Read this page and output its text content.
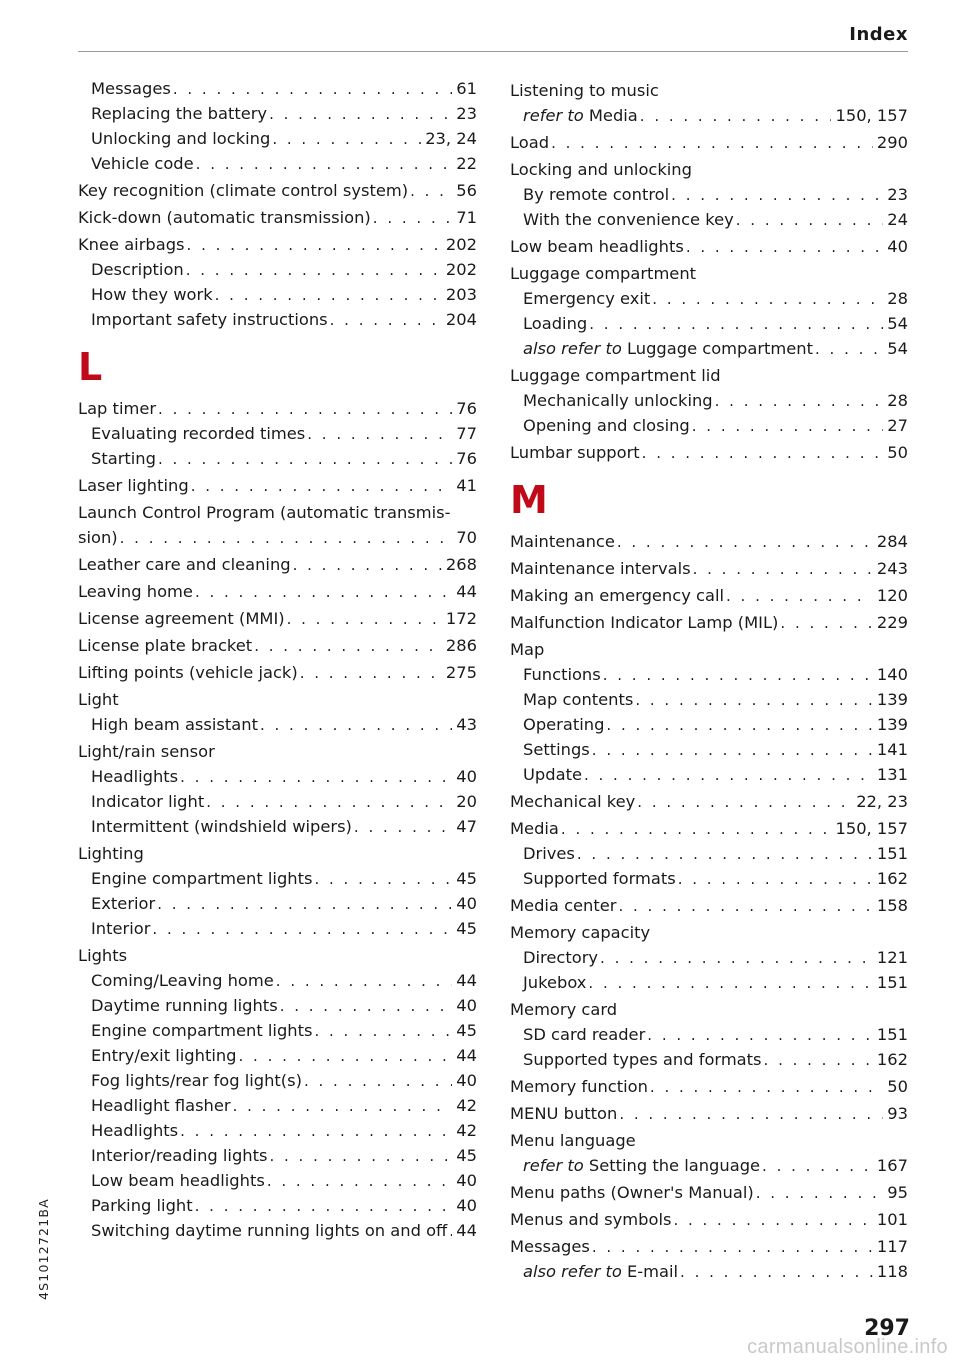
Index
Messages . . .	61
Replacing the battery . . .	23
Unlocking and locking . . .	23, 24
Vehicle code . . .	22
Key recognition (climate control system) . . .	56
Kick-down (automatic transmission) . . .	71
Knee airbags . . .	202
Description . . .	202
How they work . . .	203
Important safety instructions . . .	204
L
Lap timer . . .	76
Evaluating recorded times . . .	77
Starting . . .	76
Laser lighting . . .	41
Launch Control Program (automatic transmis-
sion) . . .	70
Leather care and cleaning . . .	268
Leaving home . . .	44
License agreement (MMI) . . .	172
License plate bracket . . .	286
Lifting points (vehicle jack) . . .	275
Light
High beam assistant . . .	43
Light/rain sensor
Headlights . . .	40
Indicator light . . .	20
Intermittent (windshield wipers) . . .	47
Lighting
Engine compartment lights . . .	45
Exterior . . .	40
Interior . . .	45
Lights
Coming/Leaving home . . .	44
Daytime running lights . . .	40
Engine compartment lights . . .	45
Entry/exit lighting . . .	44
Fog lights/rear fog light(s) . . .	40
Headlight flasher . . .	42
Headlights . . .	42
Interior/reading lights . . .	45
Low beam headlights . . .	40
Parking light . . .	40
Switching daytime running lights on and off . . . 44
Listening to music
refer to Media . . .	150, 157
Load . . .	290
Locking and unlocking
By remote control . . .	23
With the convenience key . . .	24
Low beam headlights . . .	40
Luggage compartment
Emergency exit . . .	28
Loading . . .	54
also refer to Luggage compartment . . .	54
Luggage compartment lid
Mechanically unlocking . . .	28
Opening and closing . . .	27
Lumbar support . . .	50
M
Maintenance . . .	284
Maintenance intervals . . .	243
Making an emergency call . . .	120
Malfunction Indicator Lamp (MIL) . . .	229
Map
Functions . . .	140
Map contents . . .	139
Operating . . .	139
Settings . . .	141
Update . . .	131
Mechanical key . . .	22, 23
Media . . .	150, 157
Drives . . .	151
Supported formats . . .	162
Media center . . .	158
Memory capacity
Directory . . .	121
Jukebox . . .	151
Memory card
SD card reader . . .	151
Supported types and formats . . .	162
Memory function . . .	50
MENU button . . .	93
Menu language
refer to Setting the language . . .	167
Menu paths (Owner's Manual) . . .	95
Menus and symbols . . .	101
Messages . . .	117
also refer to E-mail . . .	118
4S1012721BA
297
carmanualsonline.info
